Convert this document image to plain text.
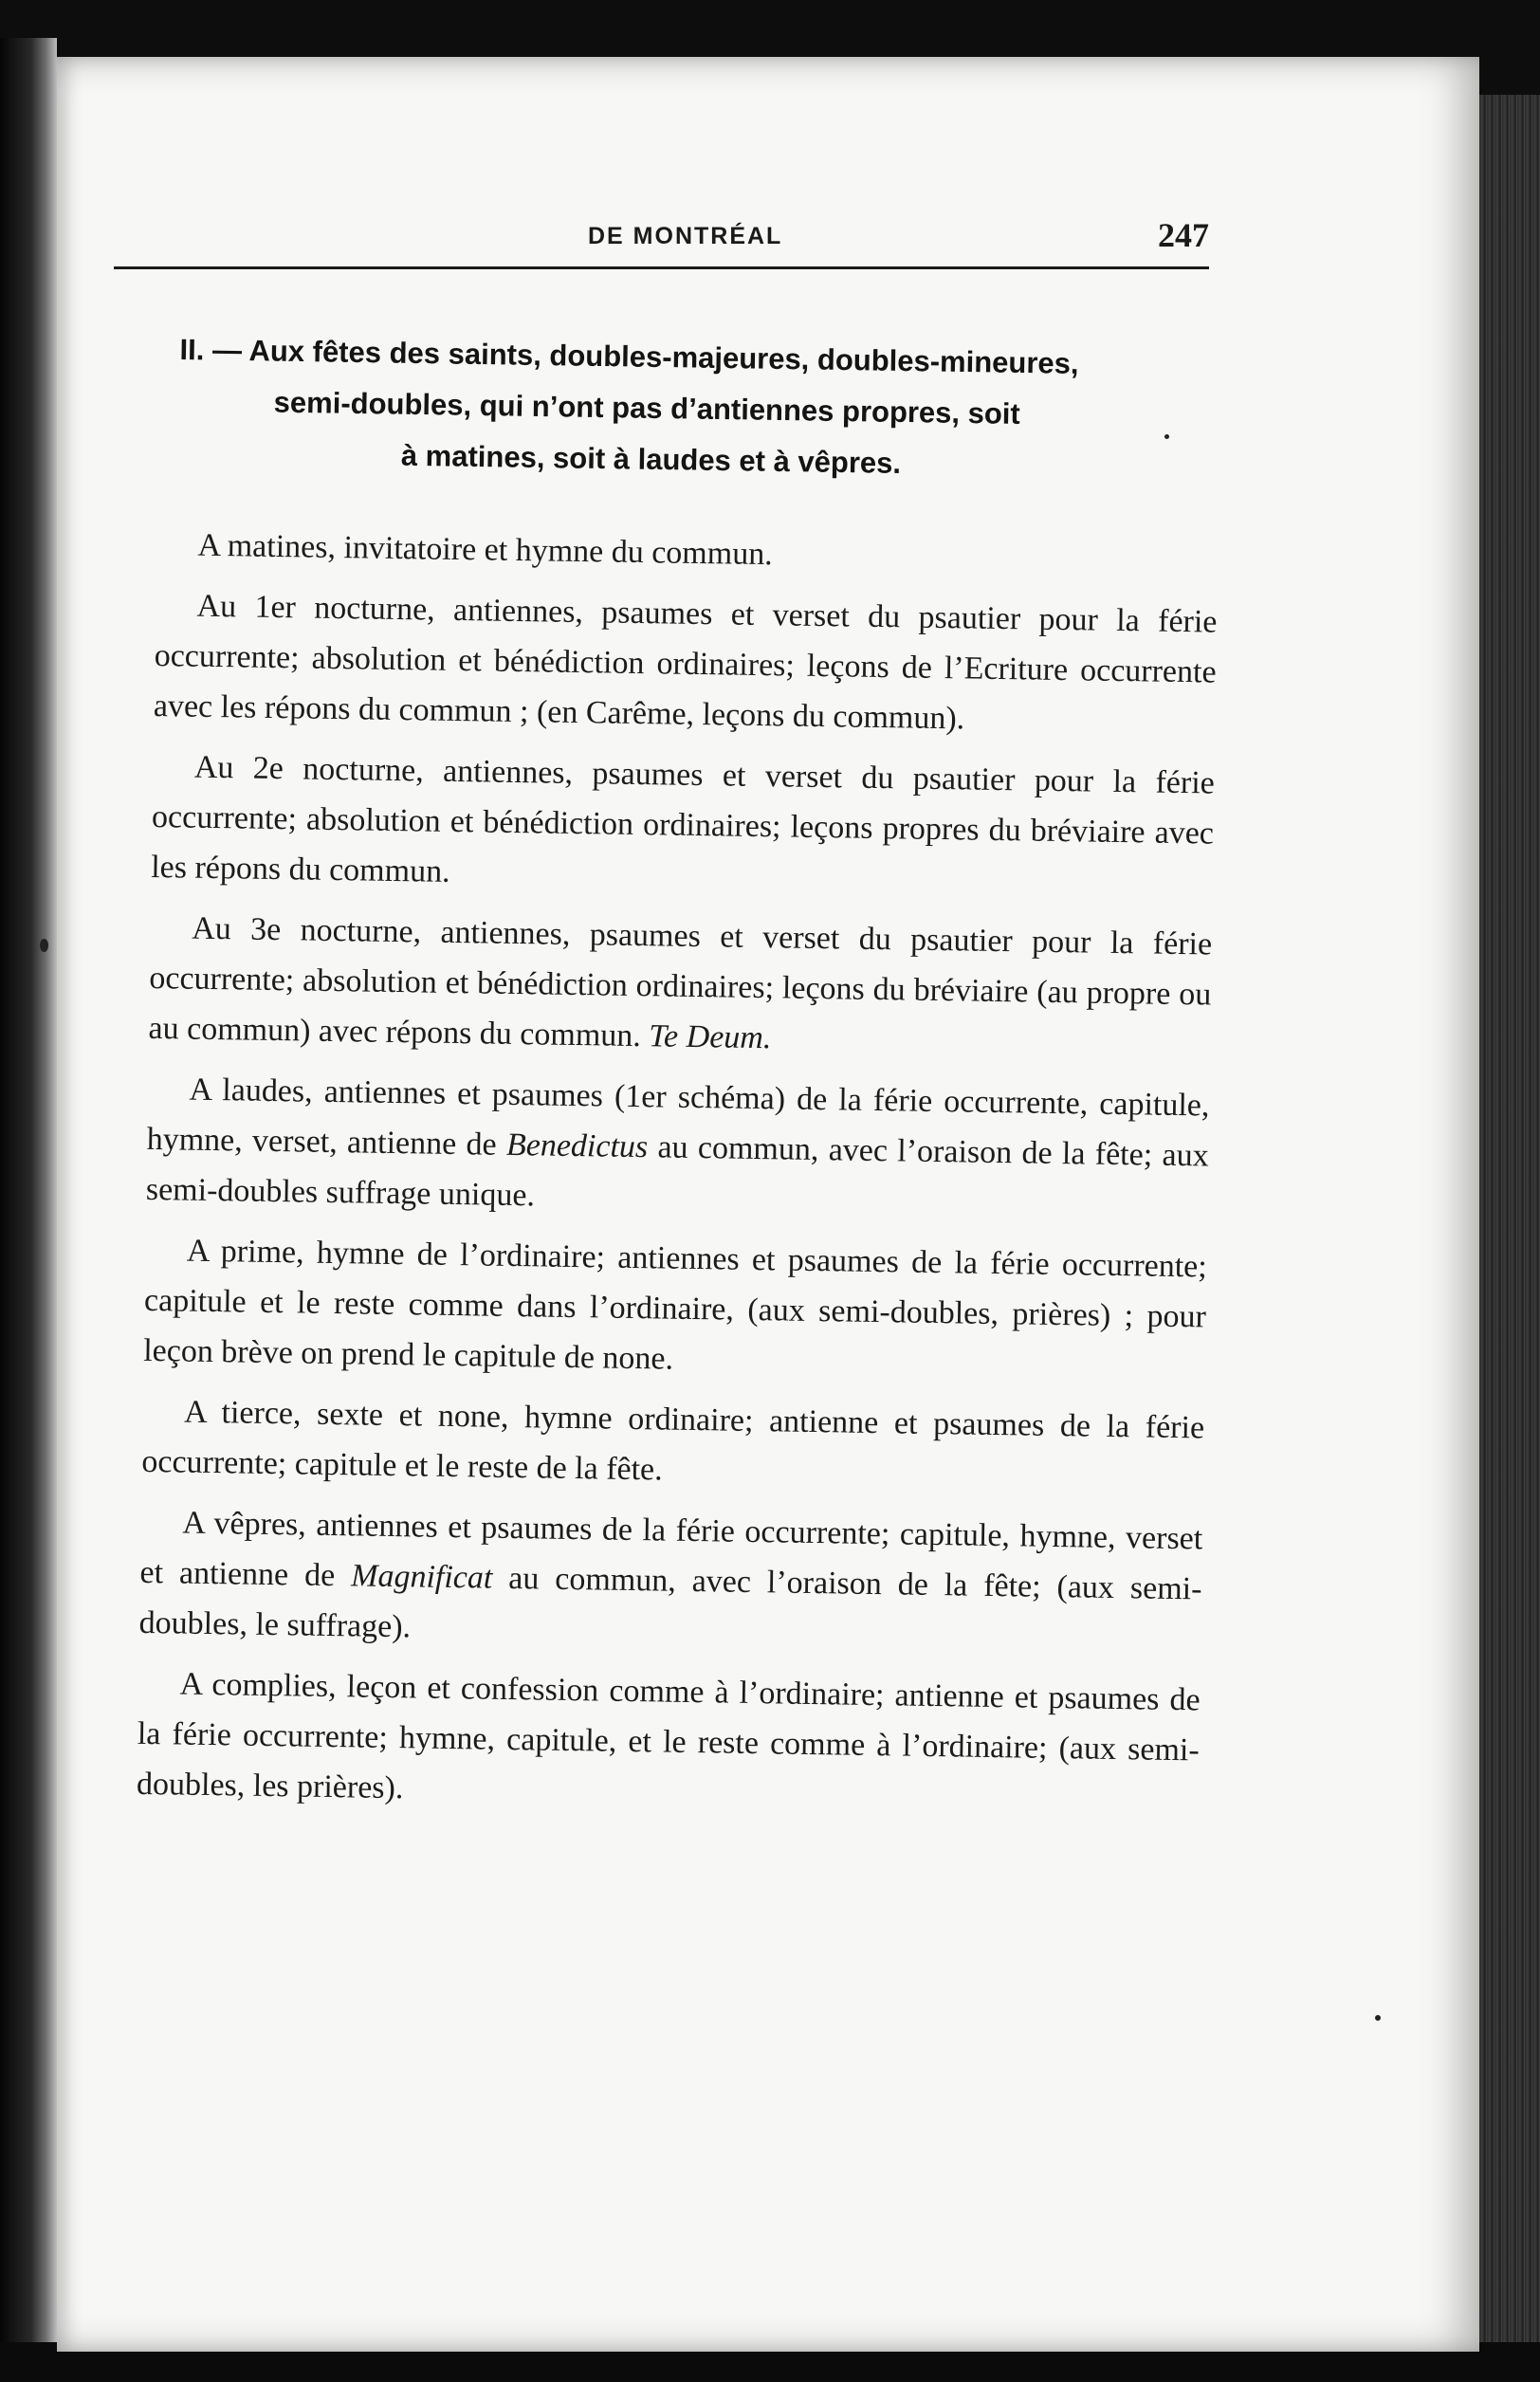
DE MONTRÉAL	247
II. — Aux fêtes des saints, doubles-majeures, doubles-mineures,
semi-doubles, qui n’ont pas d’antiennes propres, soit
à matines, soit à laudes et à vêpres.

A matines, invitatoire et hymne du commun.

Au 1er nocturne, antiennes, psaumes et verset du psautier pour la férie occurrente; absolution et bénédiction ordinaires; leçons de l’Ecriture occurrente avec les répons du commun ; (en Carême, leçons du commun).

Au 2e nocturne, antiennes, psaumes et verset du psautier pour la férie occurrente; absolution et bénédiction ordinaires; leçons propres du bréviaire avec les répons du commun.

Au 3e nocturne, antiennes, psaumes et verset du psautier pour la férie occurrente; absolution et bénédiction ordinaires; leçons du bréviaire (au propre ou au commun) avec répons du commun. Te Deum.

A laudes, antiennes et psaumes (1er schéma) de la férie occurrente, capitule, hymne, verset, antienne de Benedictus au commun, avec l’oraison de la fête; aux semi-doubles suffrage unique.

A prime, hymne de l’ordinaire; antiennes et psaumes de la férie occurrente; capitule et le reste comme dans l’ordinaire, (aux semi-doubles, prières) ; pour leçon brève on prend le capitule de none.

A tierce, sexte et none, hymne ordinaire; antienne et psaumes de la férie occurrente; capitule et le reste de la fête.

A vêpres, antiennes et psaumes de la férie occurrente; capitule, hymne, verset et antienne de Magnificat au commun, avec l’oraison de la fête; (aux semi-doubles, le suffrage).

A complies, leçon et confession comme à l’ordinaire; antienne et psaumes de la férie occurrente; hymne, capitule, et le reste comme à l’ordinaire; (aux semi-doubles, les prières).
